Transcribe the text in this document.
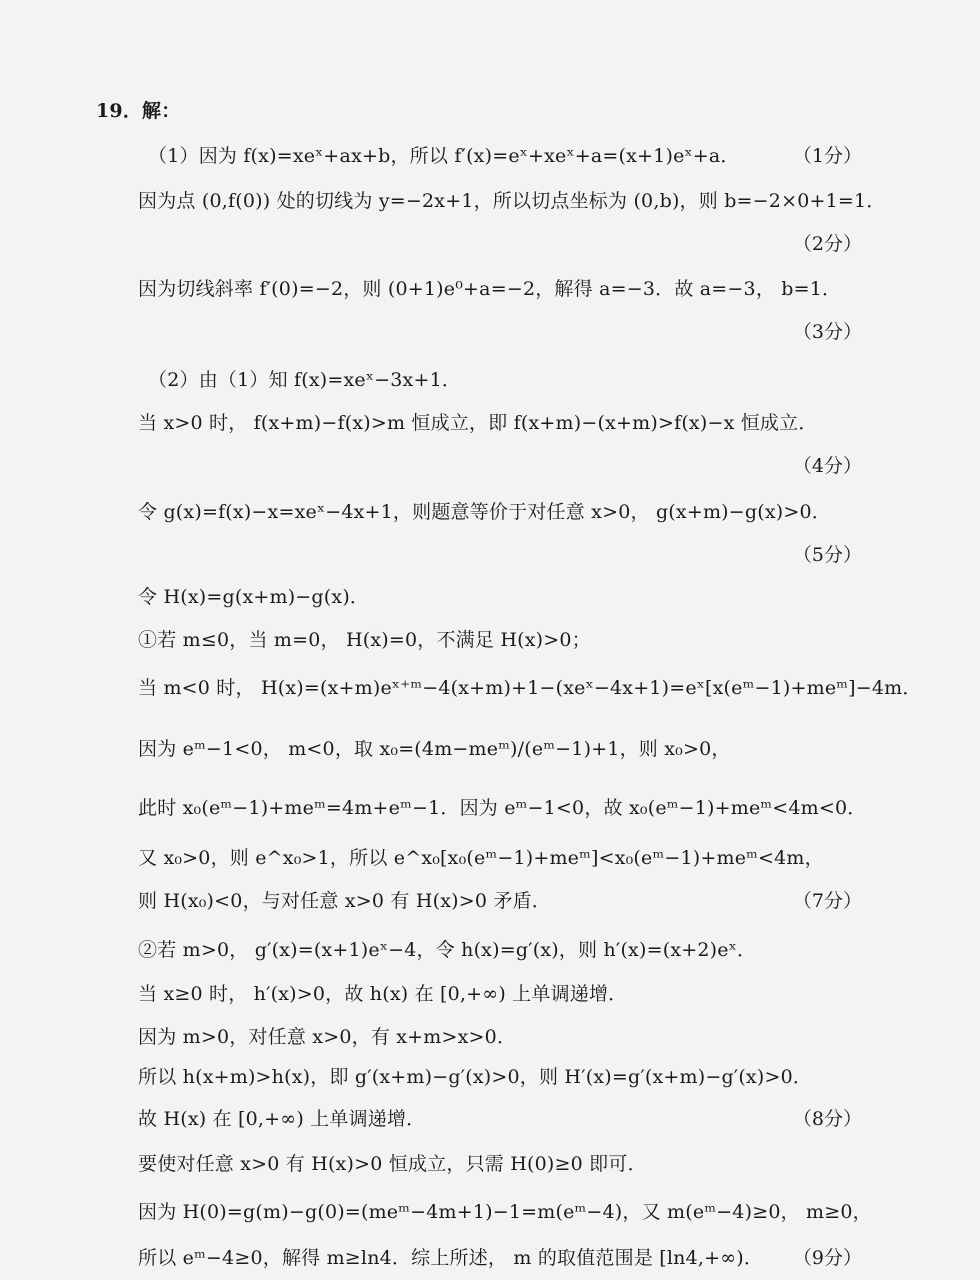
19．解：
（1）因为 f(x)=xeˣ+ax+b，所以 f′(x)=eˣ+xeˣ+a=(x+1)eˣ+a．	（1分）
因为点 (0,f(0)) 处的切线为 y=−2x+1，所以切点坐标为 (0,b)，则 b=−2×0+1=1．
（2分）
因为切线斜率 f′(0)=−2，则 (0+1)e⁰+a=−2，解得 a=−3．故 a=−3， b=1．
（3分）
（2）由（1）知 f(x)=xeˣ−3x+1．
当 x>0 时， f(x+m)−f(x)>m 恒成立，即 f(x+m)−(x+m)>f(x)−x 恒成立．
（4分）
令 g(x)=f(x)−x=xeˣ−4x+1，则题意等价于对任意 x>0， g(x+m)−g(x)>0．
（5分）
令 H(x)=g(x+m)−g(x)．
①若 m≤0，当 m=0， H(x)=0，不满足 H(x)>0；
当 m<0 时， H(x)=(x+m)eˣ⁺ᵐ−4(x+m)+1−(xeˣ−4x+1)=eˣ[x(eᵐ−1)+meᵐ]−4m．
因为 eᵐ−1<0， m<0，取 x₀=(4m−meᵐ)/(eᵐ−1)+1，则 x₀>0，
此时 x₀(eᵐ−1)+meᵐ=4m+eᵐ−1．因为 eᵐ−1<0，故 x₀(eᵐ−1)+meᵐ<4m<0．
又 x₀>0，则 e^x₀>1，所以 e^x₀[x₀(eᵐ−1)+meᵐ]<x₀(eᵐ−1)+meᵐ<4m，
则 H(x₀)<0，与对任意 x>0 有 H(x)>0 矛盾．	（7分）
②若 m>0， g′(x)=(x+1)eˣ−4，令 h(x)=g′(x)，则 h′(x)=(x+2)eˣ．
当 x≥0 时， h′(x)>0，故 h(x) 在 [0,+∞) 上单调递增．
因为 m>0，对任意 x>0，有 x+m>x>0．
所以 h(x+m)>h(x)，即 g′(x+m)−g′(x)>0，则 H′(x)=g′(x+m)−g′(x)>0．
故 H(x) 在 [0,+∞) 上单调递增．	（8分）
要使对任意 x>0 有 H(x)>0 恒成立，只需 H(0)≥0 即可．
因为 H(0)=g(m)−g(0)=(meᵐ−4m+1)−1=m(eᵐ−4)，又 m(eᵐ−4)≥0， m≥0，
所以 eᵐ−4≥0，解得 m≥ln4．综上所述， m 的取值范围是 [ln4,+∞)． （9分）
